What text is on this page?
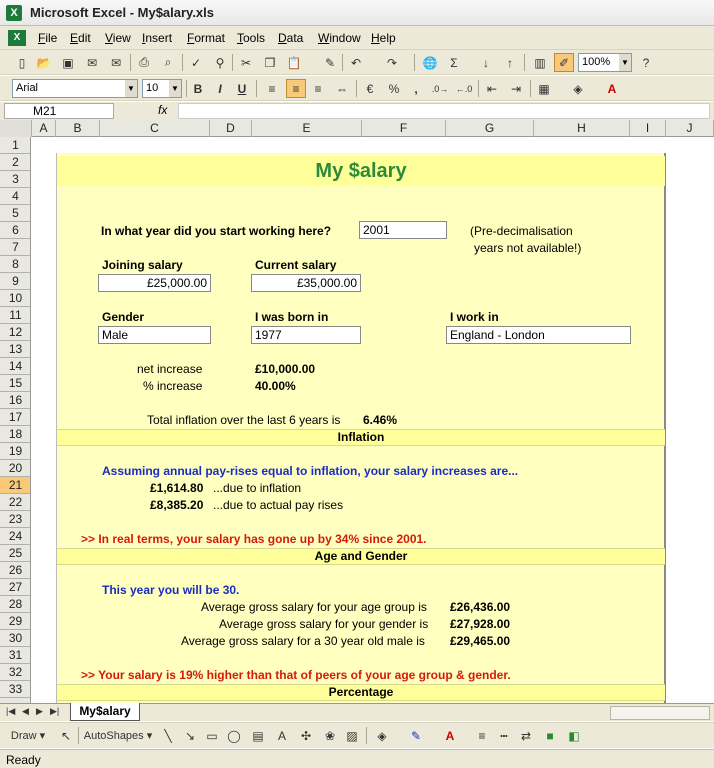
X Microsoft Excel - My$alary.xls
X	File Edit View Insert Format Tools Data Window Help
▯ 📂 ▣	✉	✉	⎙	⌕	✓	⚲	✂	❐ 📋	✎	↶	↷	🌐	Σ	↓	↑	▥	✐	100% ▼	?
Arial	▼	10 ▼	B	I	U	≡	≡	≡	⇔	€	%	,	.0→ ←.0	⇤	⇥	▦	◈	A
M21	fx
A	B	C	D	E	F	G	H	I	J
1
2
3
4
5
6
7
8
9
10
11
12
13
14
15
16
17
18
19
20
21
22
23
24
25
26
27
28
29
30
31
32
33
My $alary
In what year did you start working here?	2001	(Pre-decimalisation
years not available!)
Joining salary
£25,000.00
Current salary
£35,000.00
Gender
Male
I was born in
1977
I work in
England - London
net increase	£10,000.00
% increase	40.00%
Total inflation over the last 6 years is 6.46%
Inflation
Assuming annual pay-rises equal to inflation, your salary increases are...
£1,614.80 ...due to inflation
£8,385.20 ...due to actual pay rises
>> In real terms, your salary has gone up by 34% since 2001.
Age and Gender
This year you will be 30.
Average gross salary for your age group is £26,436.00
Average gross salary for your gender is £27,928.00
Average gross salary for a 30 year old male is £29,465.00
>> Your salary is 19% higher than that of peers of your age group & gender.
Percentage
|◀ ◀ ▶ ▶|	My$alary
Draw ▾	↖	AutoShapes ▾	╲	↘ ▭ ◯ ▤	A	✣	❀ ▨	◈	✎	A	≡	┅	⇄	■	◧
Ready
